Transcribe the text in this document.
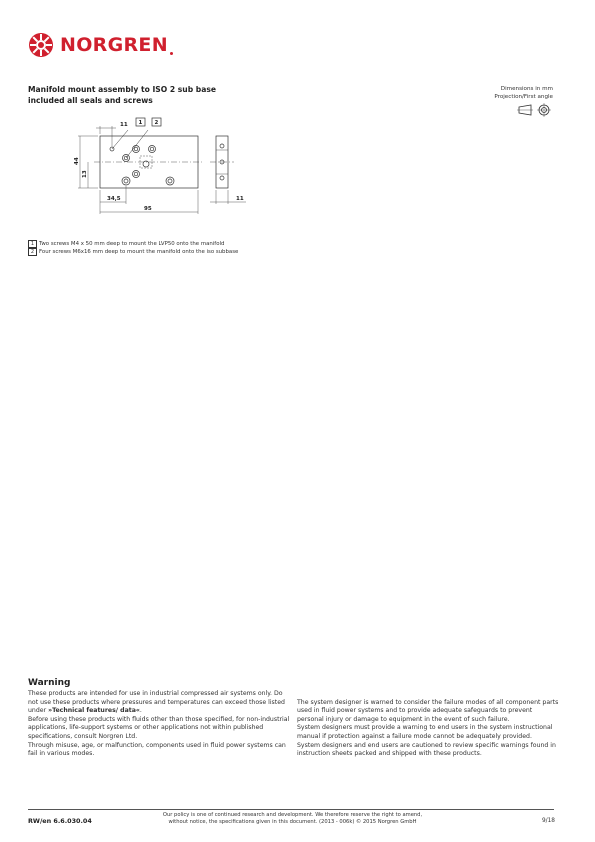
NORGREN
Manifold mount assembly to ISO 2 sub base
included all seals and screws
Dimensions in mm
Projection/First angle
11 1 2
44
13
34,5
95
11
1 Two screws M4 x 50 mm deep to mount the LVP50 onto the manifold
2 Four screws M6x16 mm deep to mount the manifold onto the iso subbase
Warning

These products are intended for use in industrial compressed air systems only. Do not use these products where pressures and temperatures can exceed those listed under »Technical features/ data«.

Before using these products with fluids other than those specified, for non-industrial applications, life-support systems or other applications not within published specifications, consult Norgren Ltd.

Through misuse, age, or malfunction, components used in fluid power systems can fail in various modes.

The system designer is warned to consider the failure modes of all component parts used in fluid power systems and to provide adequate safeguards to prevent personal injury or damage to equipment in the event of such failure.

System designers must provide a warning to end users in the system instructional manual if protection against a failure mode cannot be adequately provided.

System designers and end users are cautioned to review specific warnings found in instruction sheets packed and shipped with these products.

RW/en 6.6.030.04
Our policy is one of continued research and development. We therefore reserve the right to amend,
without notice, the specifications given in this document. (2013 - 006k) © 2015 Norgren GmbH	9/18
